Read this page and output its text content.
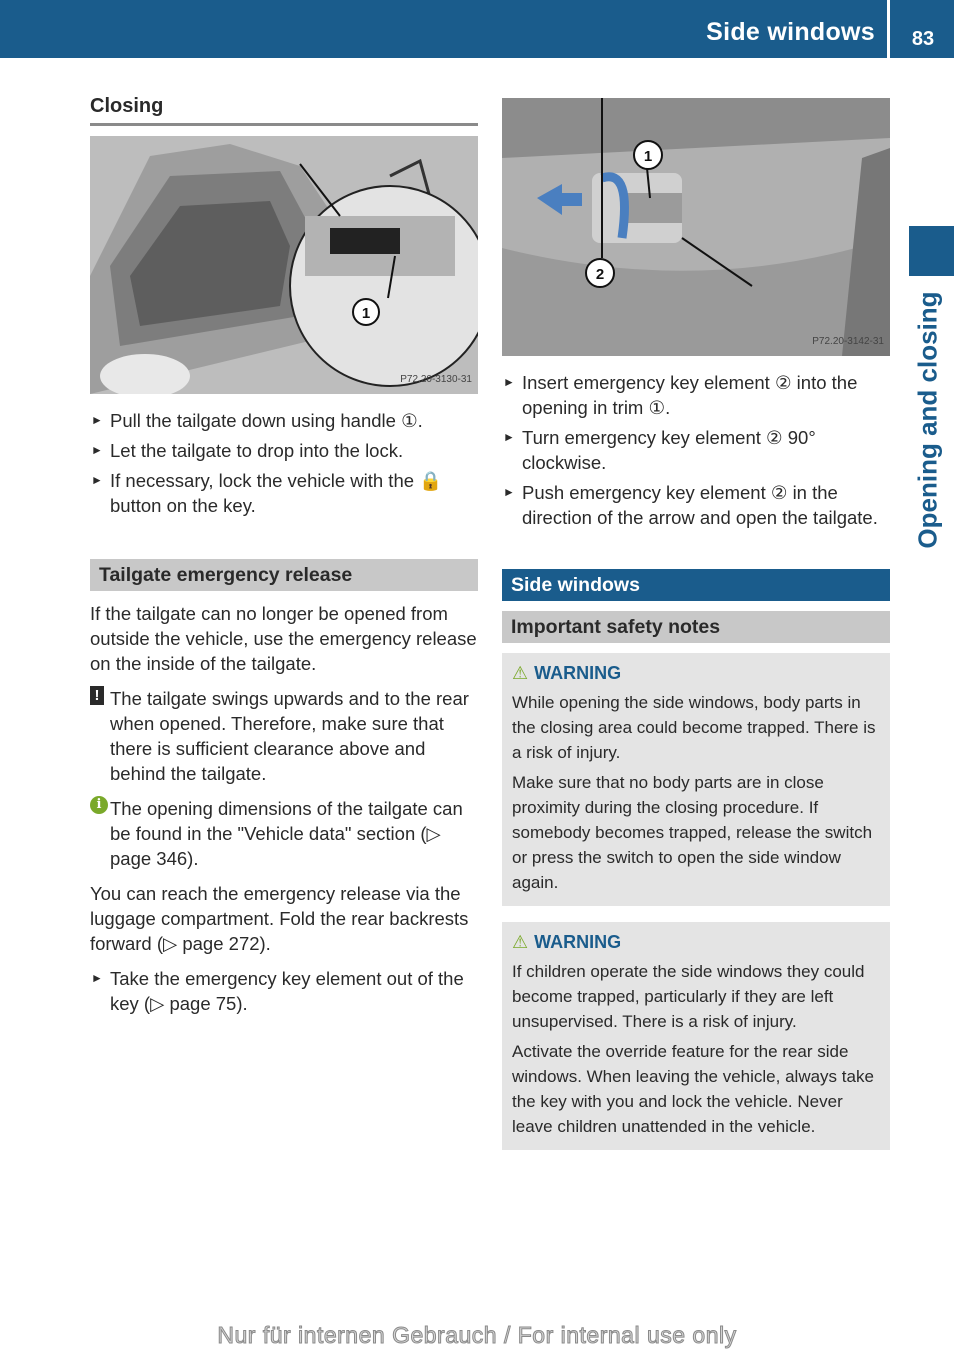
Side windows	83
Opening and closing
Closing
1
P72.20-3130-31
► Pull the tailgate down using handle ①.
► Let the tailgate to drop into the lock.
► If necessary, lock the vehicle with the 🔒 button on the key.
Tailgate emergency release

If the tailgate can no longer be opened from outside the vehicle, use the emergency release on the inside of the tailgate.

! The tailgate swings upwards and to the rear when opened. Therefore, make sure that there is sufficient clearance above and behind the tailgate.
i The opening dimensions of the tailgate can be found in the "Vehicle data" section (▷ page 346).

You can reach the emergency release via the luggage compartment. Fold the rear backrests forward (▷ page 272).

► Take the emergency key element out of the key (▷ page 75).
1
2
P72.20-3142-31
► Insert emergency key element ② into the opening in trim ①.
► Turn emergency key element ② 90° clockwise.
► Push emergency key element ② in the direction of the arrow and open the tailgate.
Side windows
Important safety notes
⚠ WARNING

While opening the side windows, body parts in the closing area could become trapped. There is a risk of injury.

Make sure that no body parts are in close proximity during the closing procedure. If somebody becomes trapped, release the switch or press the switch to open the side window again.

⚠ WARNING

If children operate the side windows they could become trapped, particularly if they are left unsupervised. There is a risk of injury.

Activate the override feature for the rear side windows. When leaving the vehicle, always take the key with you and lock the vehicle. Never leave children unattended in the vehicle.

Nur für internen Gebrauch / For internal use only
